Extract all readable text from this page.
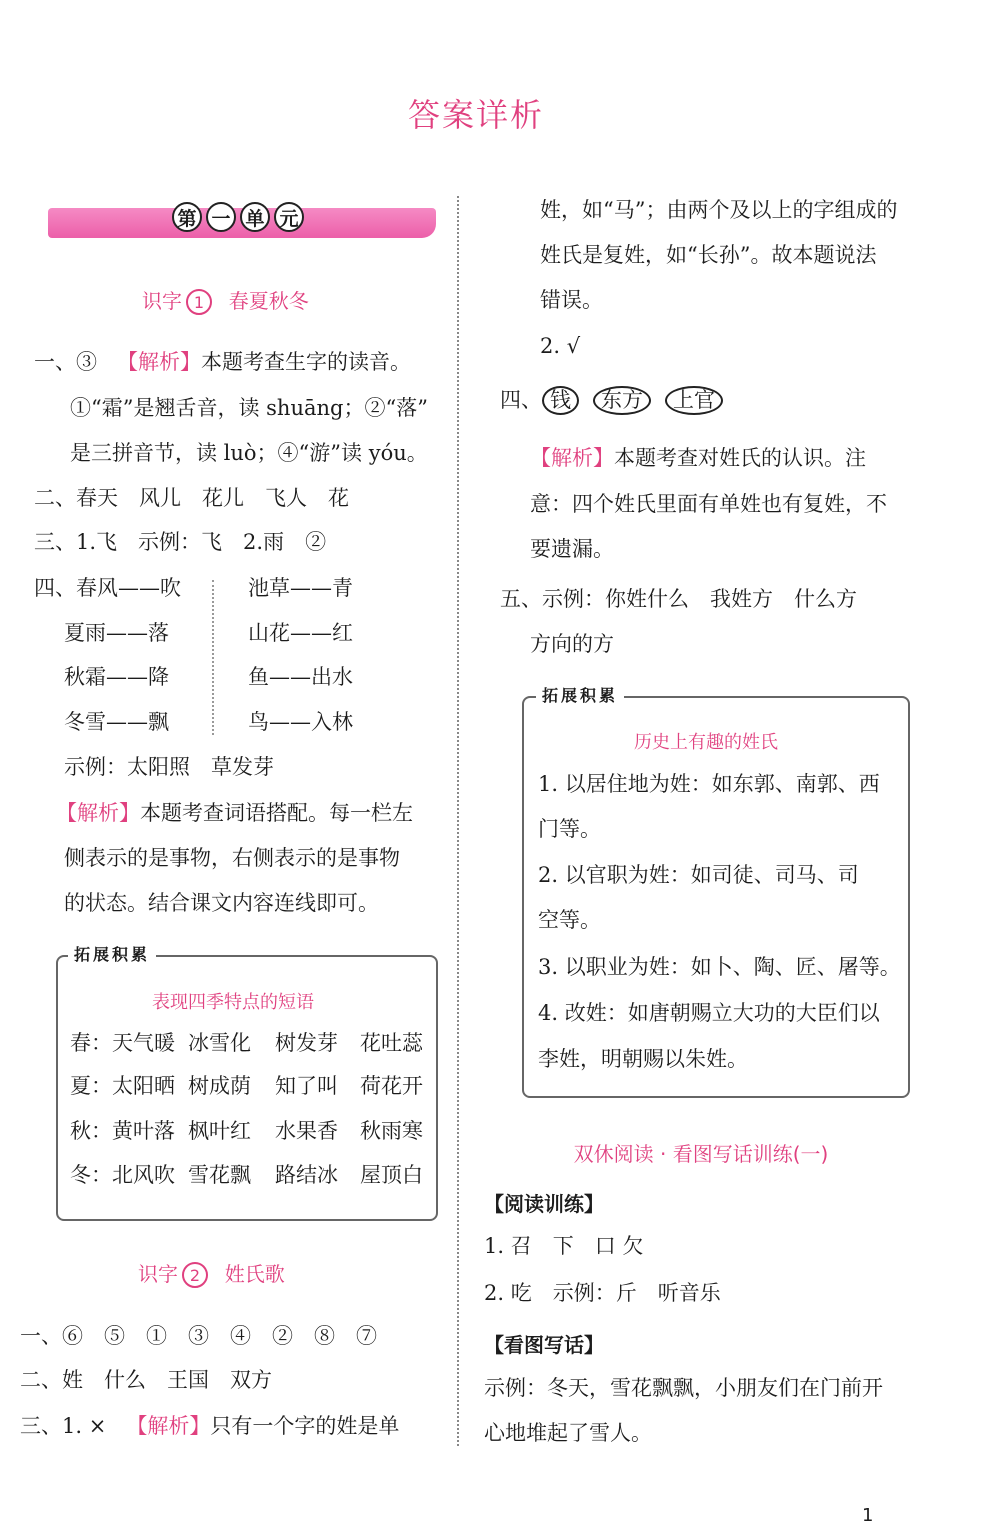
答案详析
第 一 单 元
识字 1 春夏秋冬
一、③ 【解析】本题考查生字的读音。
①“霜”是翘舌音，读 shuāng；②“落”
是三拼音节，读 luò；④“游”读 yóu。
二、春天　风儿　花儿　飞人　花
三、1.飞　示例：飞　2.雨　②
四、春风——吹
夏雨——落
秋霜——降
冬雪——飘
池草——青
山花——红
鱼——出水
鸟——入林
示例：太阳照　草发芽
【解析】本题考查词语搭配。每一栏左
侧表示的是事物，右侧表示的是事物
的状态。结合课文内容连线即可。
拓展积累
表现四季特点的短语
春：天气暖 冰雪化 树发芽 花吐蕊
夏：太阳晒 树成荫 知了叫 荷花开
秋：黄叶落 枫叶红 水果香 秋雨寒
冬：北风吹 雪花飘 路结冰 屋顶白
识字 2 姓氏歌
一、⑥　⑤　①　③　④　②　⑧　⑦
二、姓　什么　王国　双方
三、1. × 【解析】只有一个字的姓是单
姓，如“马”；由两个及以上的字组成的
姓氏是复姓，如“长孙”。故本题说法
错误。
2. √
四、 钱 东方 上官
【解析】本题考查对姓氏的认识。注
意：四个姓氏里面有单姓也有复姓，不
要遗漏。
五、示例：你姓什么　我姓方　什么方
方向的方
拓展积累
历史上有趣的姓氏
1. 以居住地为姓：如东郭、南郭、西
门等。
2. 以官职为姓：如司徒、司马、司
空等。
3. 以职业为姓：如卜、陶、匠、屠等。
4. 改姓：如唐朝赐立大功的大臣们以
李姓，明朝赐以朱姓。
双休阅读 · 看图写话训练(一)
【阅读训练】
1. 召　下　口 欠
2. 吃　示例：斤　听音乐
【看图写话】
示例：冬天，雪花飘飘，小朋友们在门前开
心地堆起了雪人。
1
